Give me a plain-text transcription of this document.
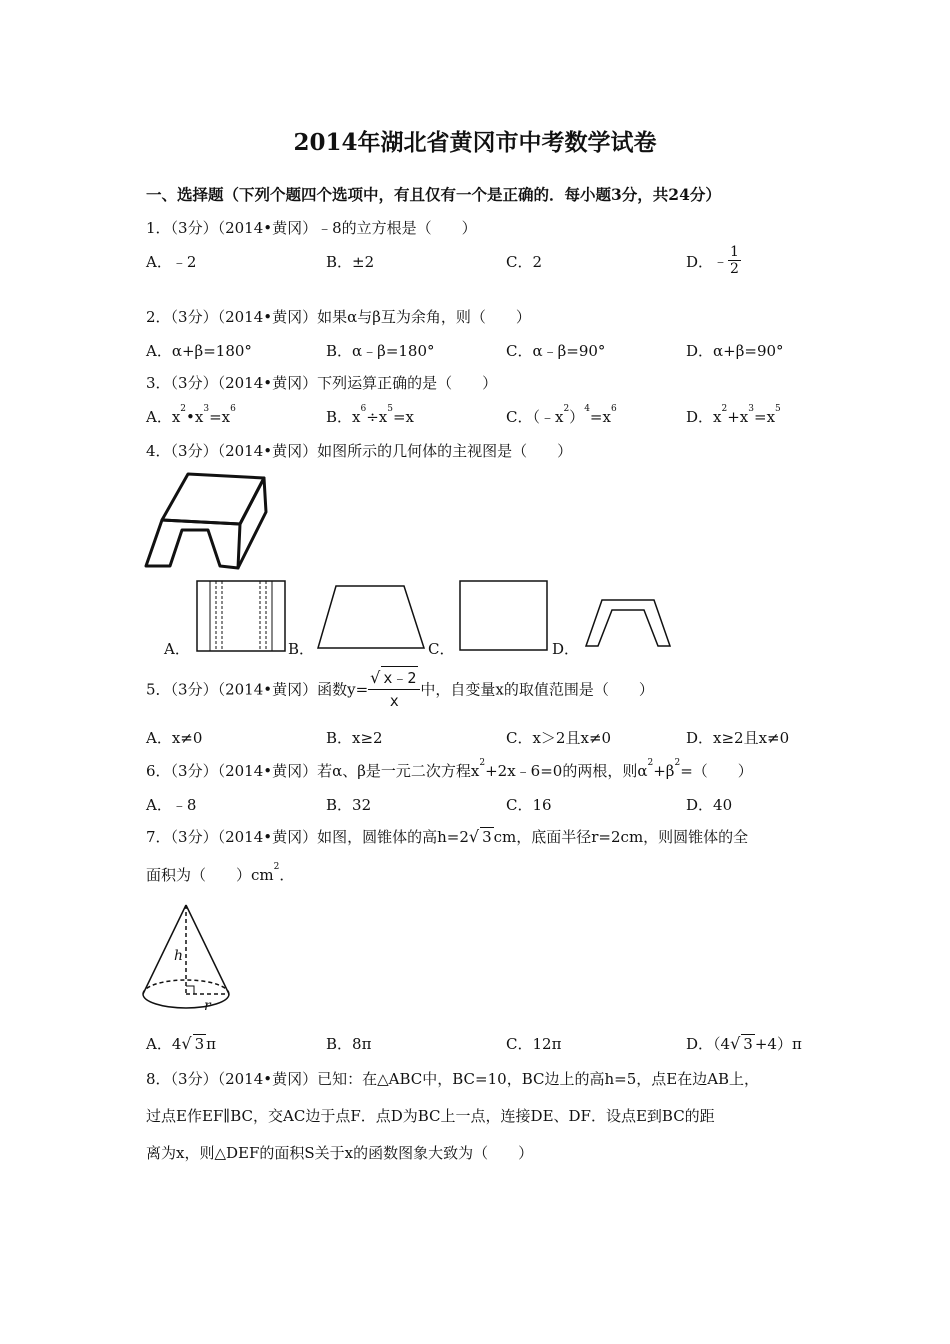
2014年湖北省黄冈市中考数学试卷
一、选择题（下列个题四个选项中，有且仅有一个是正确的．每小题3分，共24分）
1．（3分）（2014•黄冈）﹣8的立方根是（　　）
A．﹣2	B．±2	C．2	D．﹣ $\frac{1}{2}$
2．（3分）（2014•黄冈）如果α与β互为余角，则（　　）
A．α+β=180°	B．α﹣β=180°	C．α﹣β=90°	D．α+β=90°
3．（3分）（2014•黄冈）下列运算正确的是（　　）
A．$x^2•x^3=x^6$	B．$x^6\div x^5=x$	C．$(﹣x^2)^4=x^6$	D．$x^2+x^3=x^5$
4．（3分）（2014•黄冈）如图所示的几何体的主视图是（　　）
A．	B．	C．	D．
5．（3分）（2014•黄冈）函数$y= \frac{√ x﹣2}{x}$ 中，自变量x的取值范围是（　　）
A．x≠0	B．x≥2	C．x＞2且x≠0	D．x≥2且x≠0
6．（3分）（2014•黄冈）若α、β是一元二次方程$x^2+2x﹣6=0$的两根，则$\alpha^2+\beta^2=$（　　）
A．﹣8	B．32	C．16	D．40
7．（3分）（2014•黄冈）如图，圆锥体的高h=2√ 3 cm，底面半径r=2cm，则圆锥体的全
面积为（　　）$cm^2$．
h
r
A．4√ 3 π	B．8π	C．12π	D．（4√ 3 +4）π
8．（3分）（2014•黄冈）已知：在△ABC中，BC=10，BC边上的高h=5，点E在边AB上，
过点E作EF∥BC，交AC边于点F．点D为BC上一点，连接DE、DF．设点E到BC的距
离为x，则△DEF的面积S关于x的函数图象大致为（　　）
